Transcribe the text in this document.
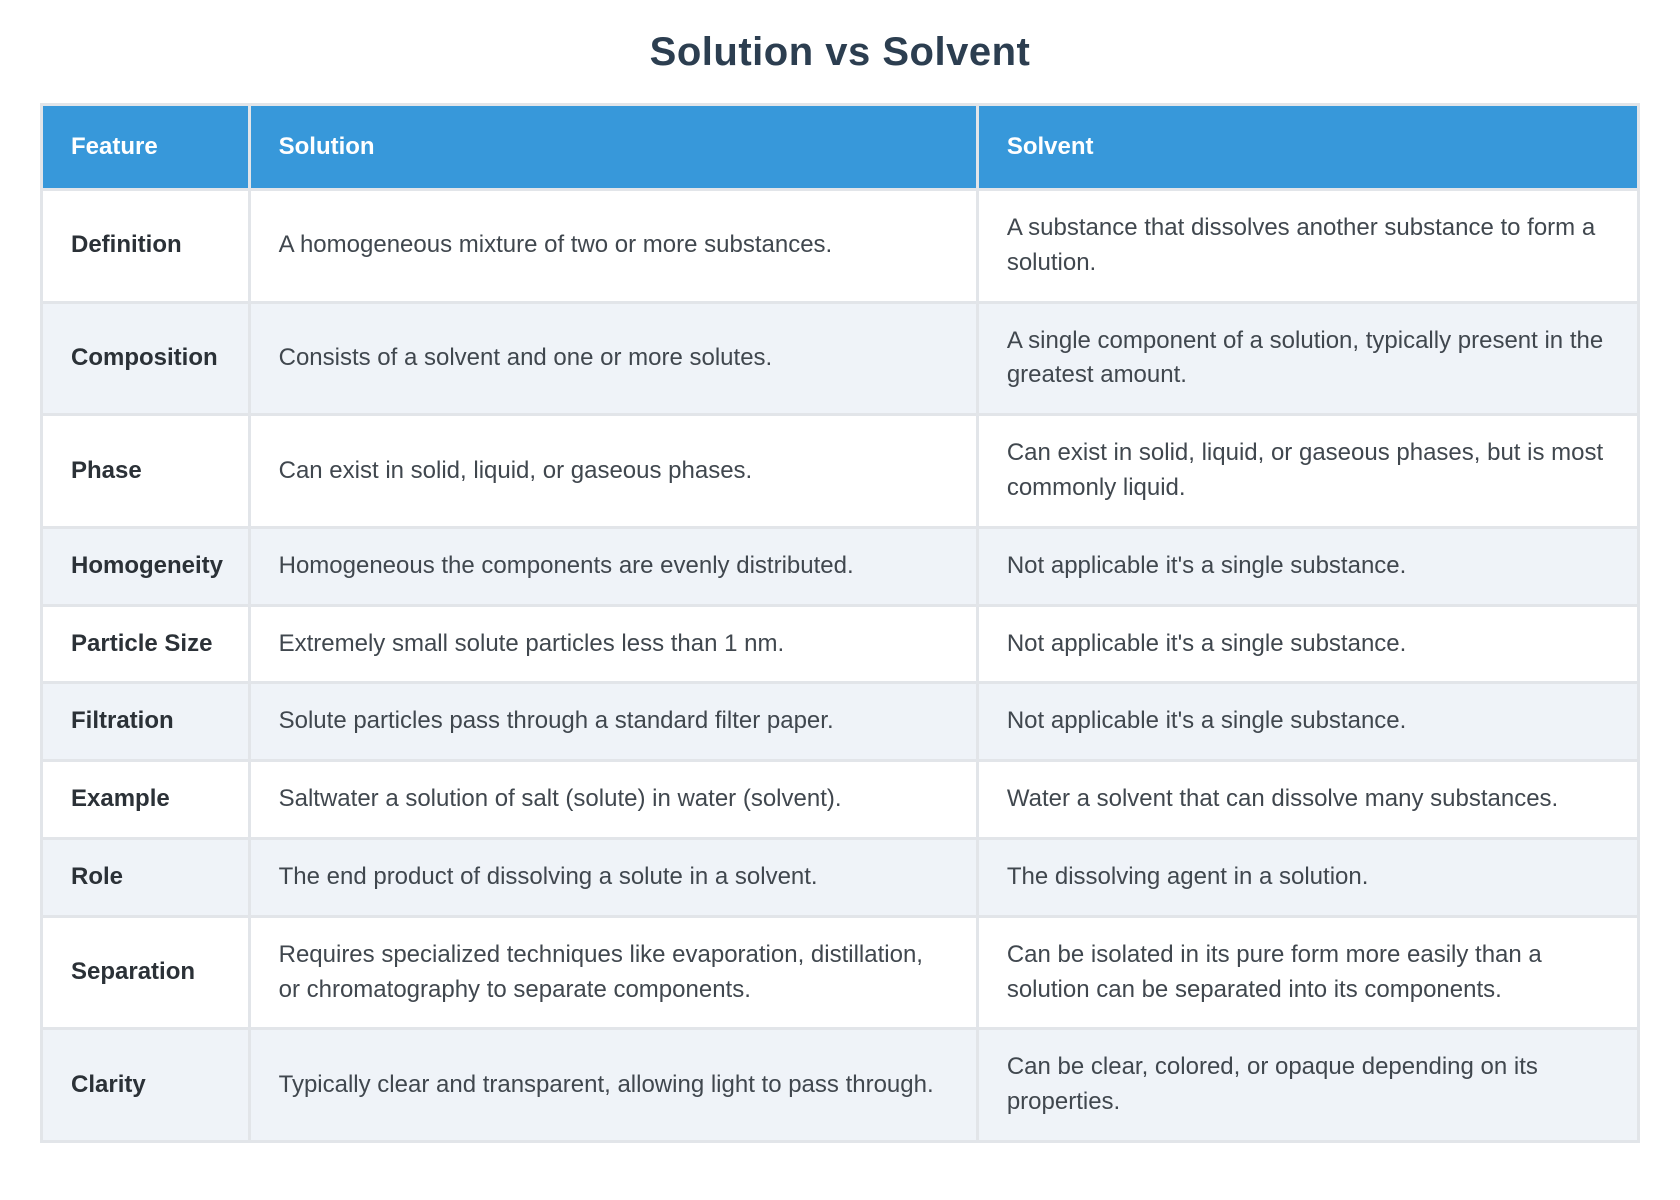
Solution vs Solvent
Feature	Solution	Solvent
Definition	A homogeneous mixture of two or more substances.	A substance that dissolves another substance to form a solution.
Composition	Consists of a solvent and one or more solutes.	A single component of a solution, typically present in the greatest amount.
Phase	Can exist in solid, liquid, or gaseous phases.	Can exist in solid, liquid, or gaseous phases, but is most commonly liquid.
Homogeneity	Homogeneous the components are evenly distributed.	Not applicable it's a single substance.
Particle Size	Extremely small solute particles less than 1 nm.	Not applicable it's a single substance.
Filtration	Solute particles pass through a standard filter paper.	Not applicable it's a single substance.
Example	Saltwater a solution of salt (solute) in water (solvent).	Water a solvent that can dissolve many substances.
Role	The end product of dissolving a solute in a solvent.	The dissolving agent in a solution.
Separation	Requires specialized techniques like evaporation, distillation, or chromatography to separate components.	Can be isolated in its pure form more easily than a solution can be separated into its components.
Clarity	Typically clear and transparent, allowing light to pass through.	Can be clear, colored, or opaque depending on its properties.
